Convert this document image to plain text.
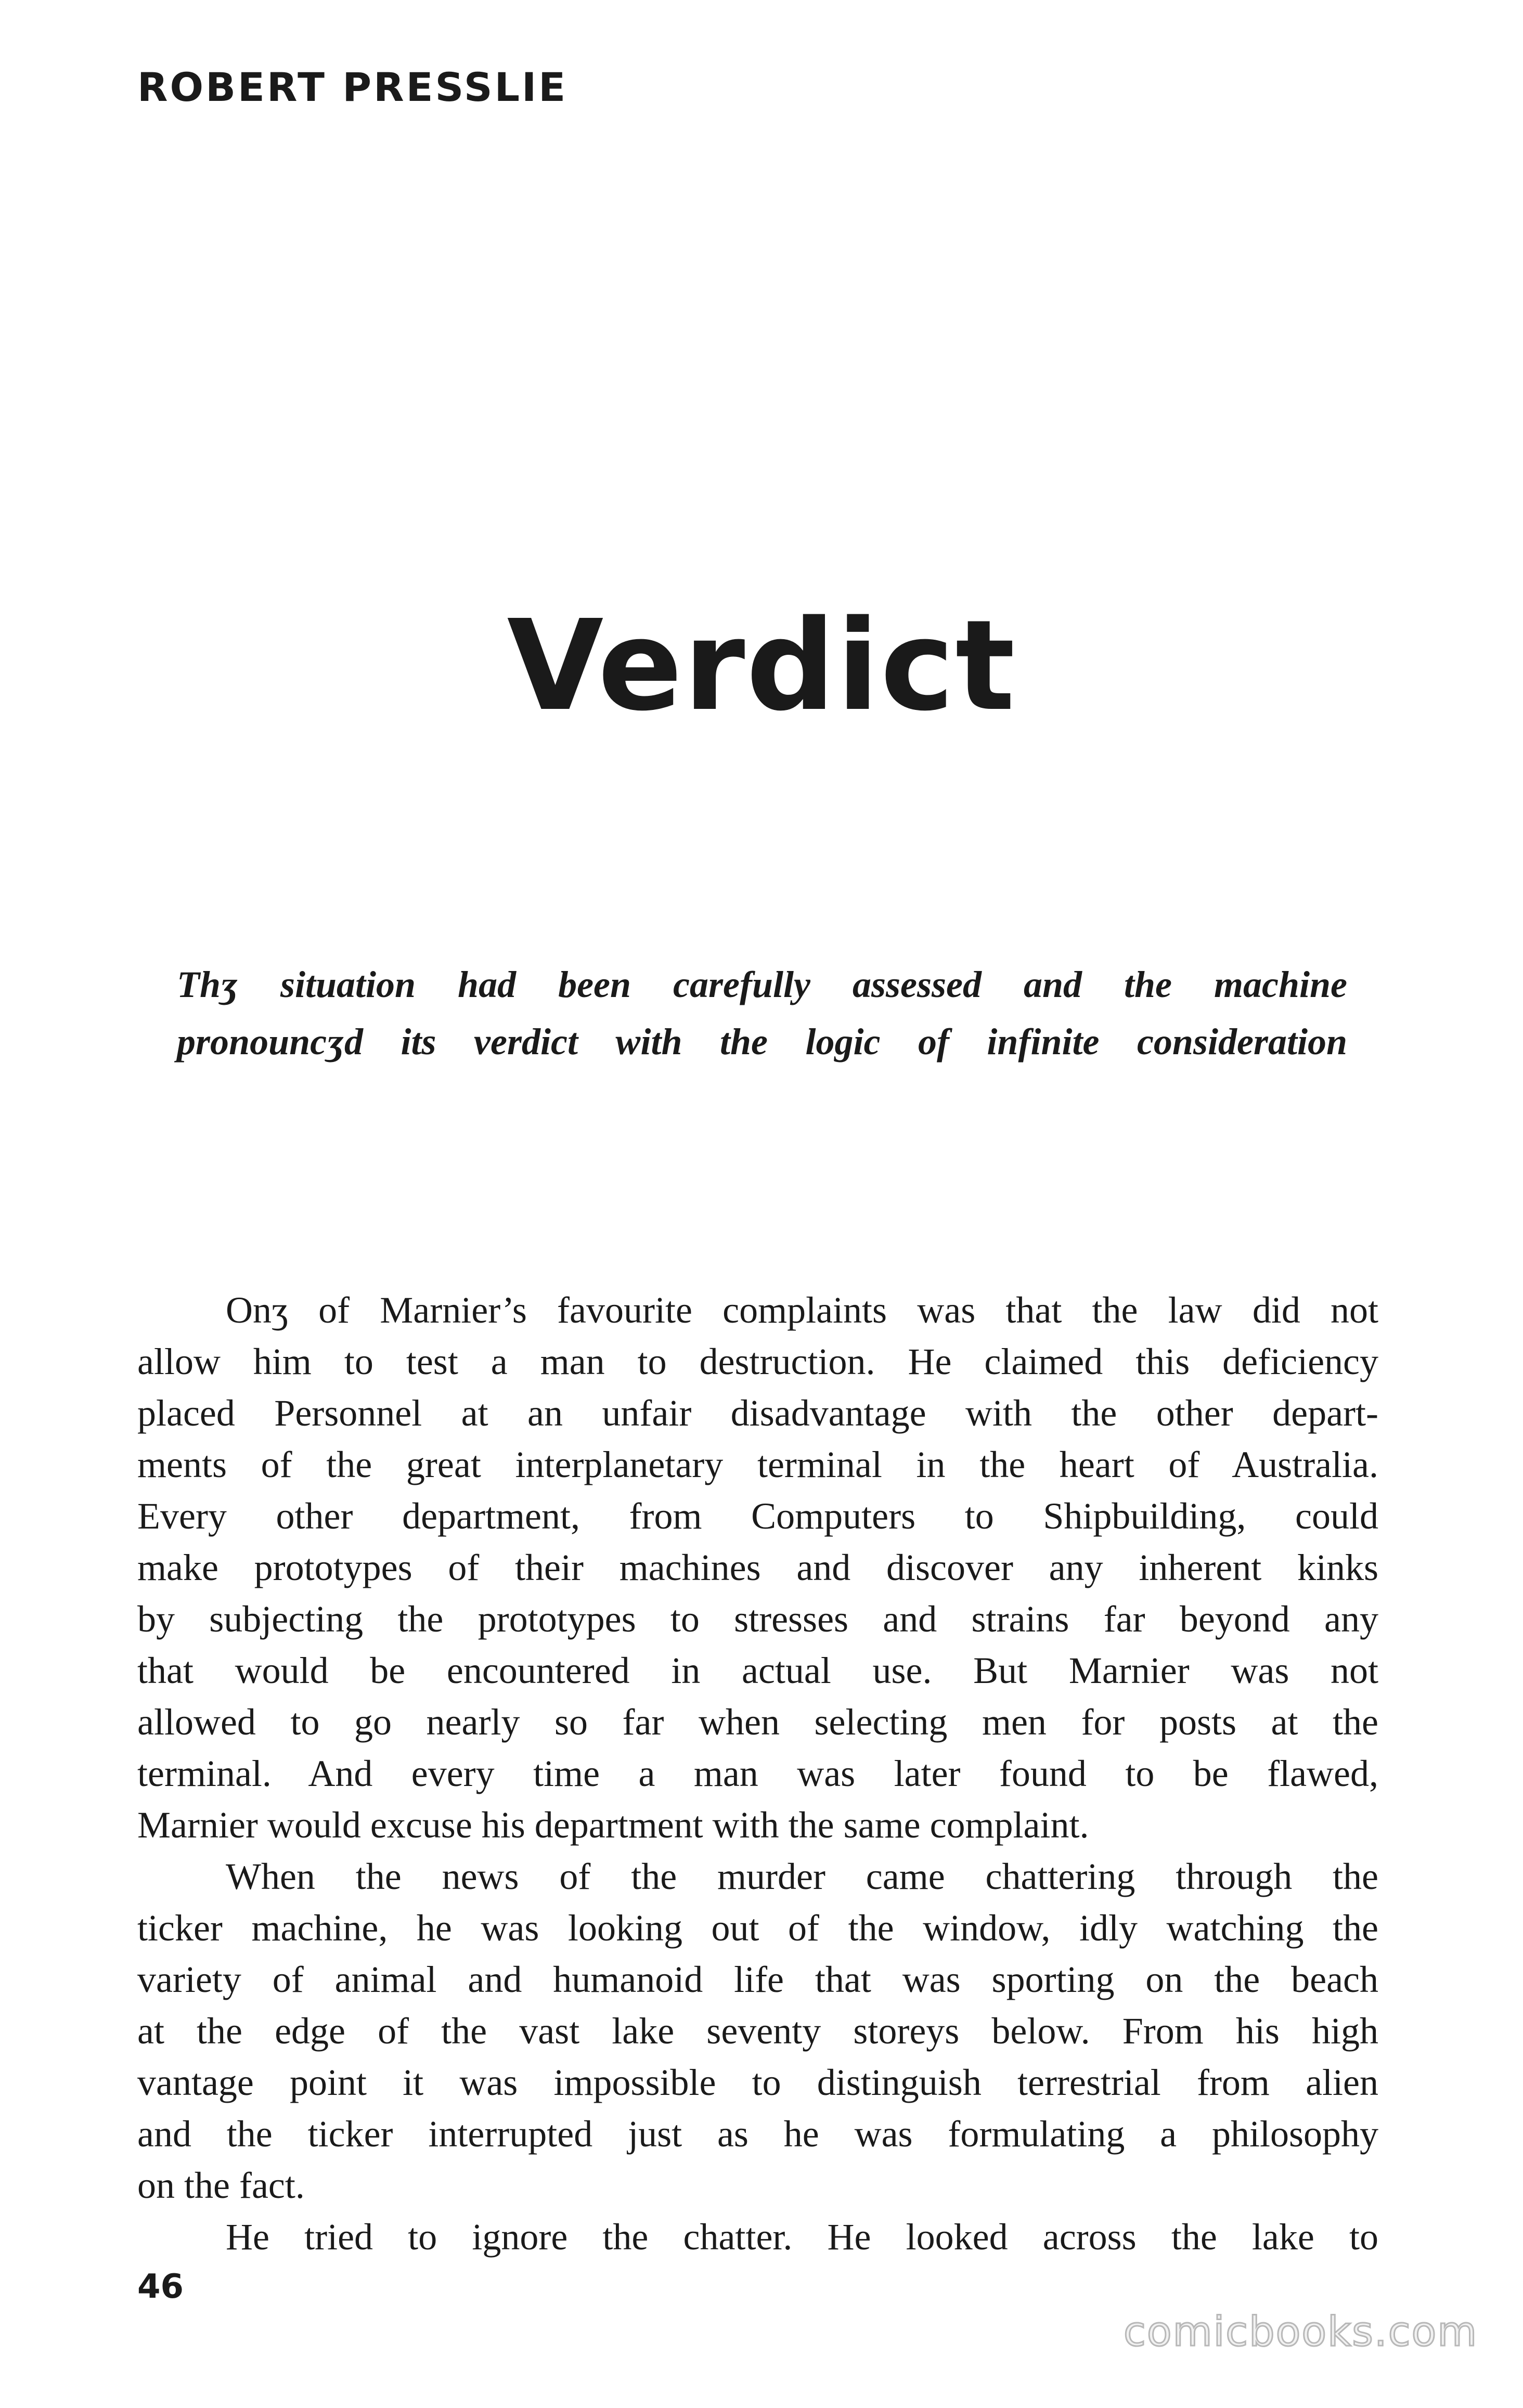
ROBERT PRESSLIE
Verdict
Thʒ situation had been carefully assessed and the machine
pronouncʒd its verdict with the logic of infinite consideration
Onʒ of Marnier’s favourite complaints was that the law did not
allow him to test a man to destruction. He claimed this deficiency
placed Personnel at an unfair disadvantage with the other depart-
ments of the great interplanetary terminal in the heart of Australia.
Every other department, from Computers to Shipbuilding, could
make prototypes of their machines and discover any inherent kinks
by subjecting the prototypes to stresses and strains far beyond any
that would be encountered in actual use. But Marnier was not
allowed to go nearly so far when selecting men for posts at the
terminal. And every time a man was later found to be flawed,
Marnier would excuse his department with the same complaint.
When the news of the murder came chattering through the
ticker machine, he was looking out of the window, idly watching the
variety of animal and humanoid life that was sporting on the beach
at the edge of the vast lake seventy storeys below. From his high
vantage point it was impossible to distinguish terrestrial from alien
and the ticker interrupted just as he was formulating a philosophy
on the fact.
He tried to ignore the chatter. He looked across the lake to
46
comicbooks.com
